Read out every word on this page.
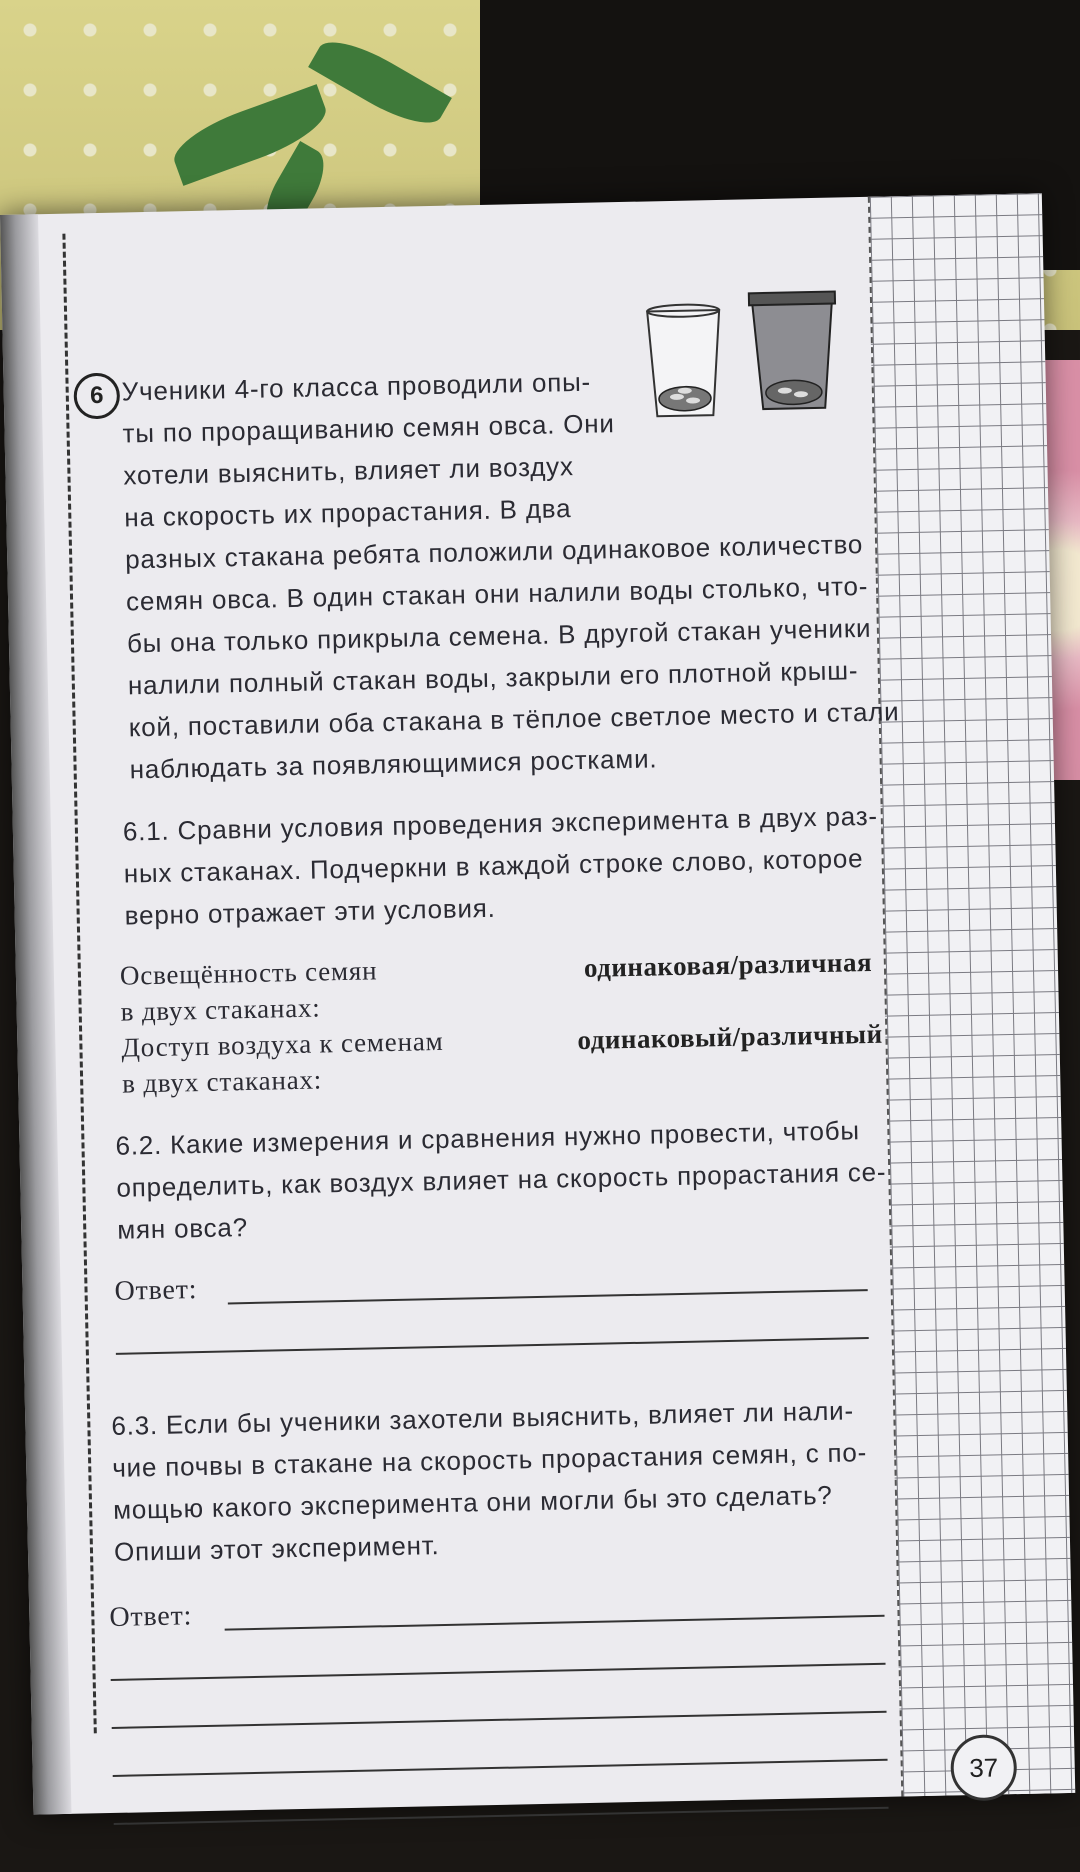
6 Ученики 4-го класса проводили опы-
ты по проращиванию семян овса. Они
хотели выяснить, влияет ли воздух
на скорость их прорастания. В два
разных стакана ребята положили одинаковое количество
семян овса. В один стакан они налили воды столько, что-
бы она только прикрыла семена. В другой стакан ученики
налили полный стакан воды, закрыли его плотной крыш-
кой, поставили оба стакана в тёплое светлое место и стали
наблюдать за появляющимися ростками.
6.1. Сравни условия проведения эксперимента в двух раз-
ных стаканах. Подчеркни в каждой строке слово, которое
верно отражает эти условия.
Освещённость семян
в двух стаканах:
одинаковая/различная
Доступ воздуха к семенам
в двух стаканах:
одинаковый/различный
6.2. Какие измерения и сравнения нужно провести, чтобы
определить, как воздух влияет на скорость прорастания се-
мян овса?
Ответ:
6.3. Если бы ученики захотели выяснить, влияет ли нали-
чие почвы в стакане на скорость прорастания семян, с по-
мощью какого эксперимента они могли бы это сделать?
Опиши этот эксперимент.
Ответ:
37
